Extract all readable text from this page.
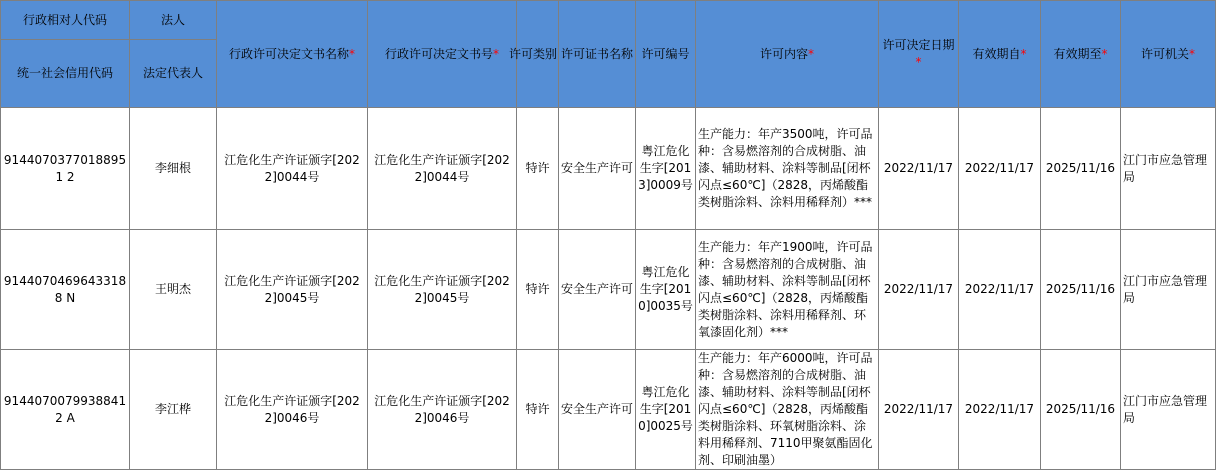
行政相对人代码	法人	行政许可决定文书名称*	行政许可决定文书号*	许可类别	许可证书名称	许可编号	许可内容*	许可决定日期*	有效期自*	有效期至*	许可机关*
统一社会信用代码	法定代表人										
91440703770188951 2	李细根	江危化生产许证颁字[2022]0044号	江危化生产许证颁字[2022]0044号	特许	安全生产许可	粤江危化生字[2013]0009号	生产能力：年产3500吨，许可品种：含易燃溶剂的合成树脂、油漆、辅助材料、涂料等制品[闭杯闪点≤60℃]（2828，丙烯酸酯类树脂涂料、涂料用稀释剂）***	2022/11/17	2022/11/17	2025/11/16	江门市应急管理局
91440704696433188 N	王明杰	江危化生产许证颁字[2022]0045号	江危化生产许证颁字[2022]0045号	特许	安全生产许可	粤江危化生字[2010]0035号	生产能力：年产1900吨，许可品种：含易燃溶剂的合成树脂、油漆、辅助材料、涂料等制品[闭杯闪点≤60℃]（2828，丙烯酸酯类树脂涂料、涂料用稀释剂、环氧漆固化剂）***	2022/11/17	2022/11/17	2025/11/16	江门市应急管理局
91440700799388412 A	李江桦	江危化生产许证颁字[2022]0046号	江危化生产许证颁字[2022]0046号	特许	安全生产许可	粤江危化生字[2010]0025号	生产能力：年产6000吨，许可品种：含易燃溶剂的合成树脂、油漆、辅助材料、涂料等制品[闭杯闪点≤60℃]（2828，丙烯酸酯类树脂涂料、环氧树脂涂料、涂料用稀释剂、7110甲聚氨酯固化剂、印刷油墨）	2022/11/17	2022/11/17	2025/11/16	江门市应急管理局
